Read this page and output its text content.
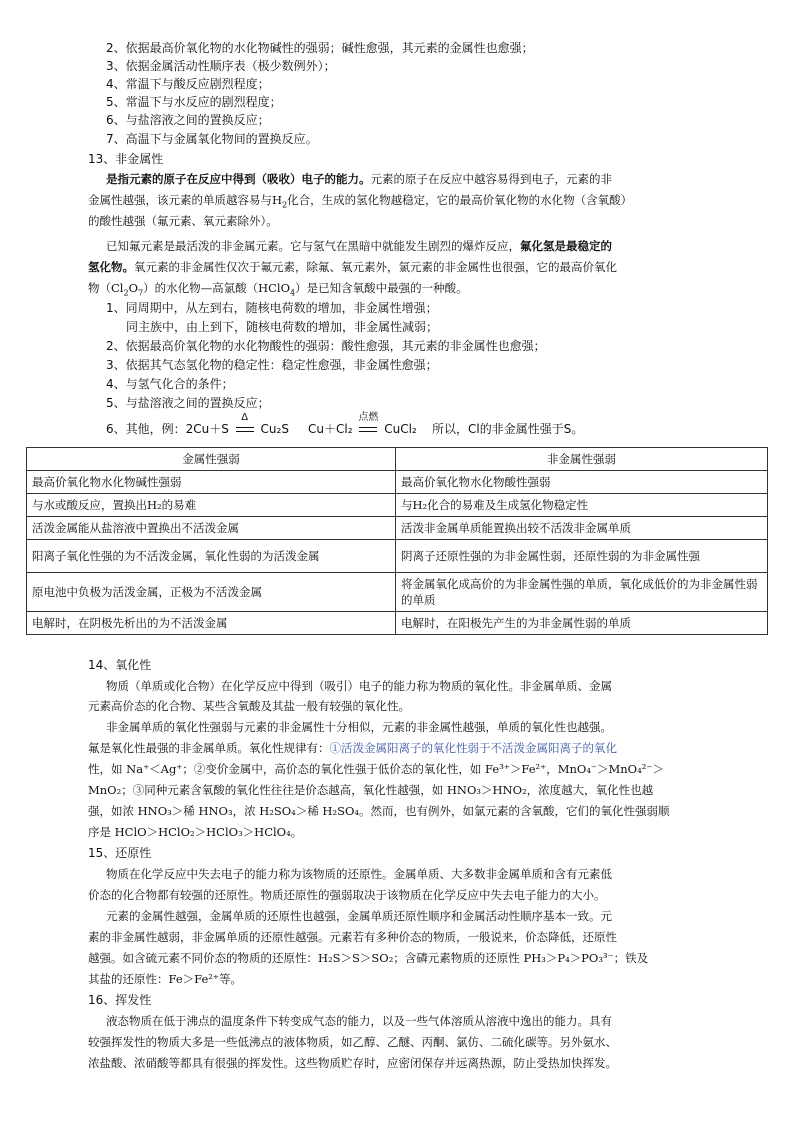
2、依据最高价氧化物的水化物碱性的强弱；碱性愈强，其元素的金属性也愈强；
3、依据金属活动性顺序表（极少数例外）；
4、常温下与酸反应剧烈程度；
5、常温下与水反应的剧烈程度；
6、与盐溶液之间的置换反应；
7、高温下与金属氧化物间的置换反应。
13、非金属性
是指元素的原子在反应中得到（吸收）电子的能力。元素的原子在反应中越容易得到电子，元素的非
金属性越强，该元素的单质越容易与$H_2$化合，生成的氢化物越稳定，它的最高价氧化物的水化物（含氧酸）
的酸性越强（氟元素、氧元素除外）。
已知氟元素是最活泼的非金属元素。它与氢气在黑暗中就能发生剧烈的爆炸反应，氟化氢是最稳定的
氢化物。氧元素的非金属性仅次于氟元素，除氟、氧元素外，氯元素的非金属性也很强，它的最高价氧化
物$(Cl_2O_7)$的水化物—高氯酸（HClO$_4$）是已知含氧酸中最强的一种酸。
1、同周期中，从左到右，随核电荷数的增加，非金属性增强；
同主族中，由上到下，随核电荷数的增加，非金属性减弱；
2、依据最高价氧化物的水化物酸性的强弱：酸性愈强，其元素的非金属性也愈强；
3、依据其气态氢化物的稳定性：稳定性愈强，非金属性愈强；
4、与氢气化合的条件；
5、与盐溶液之间的置换反应；
6、其他，例：2Cu＋S
Δ
Cu₂S Cu＋Cl₂
点燃
CuCl₂ 所以，Cl的非金属性强于S。
金属性强弱	非金属性强弱
最高价氧化物水化物碱性强弱	最高价氧化物水化物酸性强弱
与水或酸反应，置换出H₂的易难	与H₂化合的易难及生成氢化物稳定性
活泼金属能从盐溶液中置换出不活泼金属	活泼非金属单质能置换出较不活泼非金属单质
阳离子氧化性强的为不活泼金属，氧化性弱的为活泼金属	阴离子还原性强的为非金属性弱，还原性弱的为非金属性强
原电池中负极为活泼金属，正极为不活泼金属	将金属氧化成高价的为非金属性强的单质，氧化成低价的为非金属性弱的单质
电解时，在阴极先析出的为不活泼金属	电解时，在阳极先产生的为非金属性弱的单质
14、氧化性
物质（单质或化合物）在化学反应中得到（吸引）电子的能力称为物质的氧化性。非金属单质、金属
元素高价态的化合物、某些含氧酸及其盐一般有较强的氧化性。
非金属单质的氧化性强弱与元素的非金属性十分相似，元素的非金属性越强，单质的氧化性也越强。
氟是氧化性最强的非金属单质。氧化性规律有：①活泼金属阳离子的氧化性弱于不活泼金属阳离子的氧化
性，如 Na⁺＜Ag⁺；②变价金属中，高价态的氧化性强于低价态的氧化性，如 Fe³⁺＞Fe²⁺，MnO₄⁻＞MnO₄²⁻＞
MnO₂；③同种元素含氧酸的氧化性往往是价态越高，氧化性越强，如 HNO₃＞HNO₂，浓度越大，氧化性也越
强，如浓 HNO₃＞稀 HNO₃，浓 H₂SO₄＞稀 H₂SO₄。然而，也有例外，如氯元素的含氧酸，它们的氧化性强弱顺
序是 HClO＞HClO₂＞HClO₃＞HClO₄。
15、还原性
物质在化学反应中失去电子的能力称为该物质的还原性。金属单质、大多数非金属单质和含有元素低
价态的化合物都有较强的还原性。物质还原性的强弱取决于该物质在化学反应中失去电子能力的大小。
元素的金属性越强，金属单质的还原性也越强，金属单质还原性顺序和金属活动性顺序基本一致。元
素的非金属性越弱，非金属单质的还原性越强。元素若有多种价态的物质，一般说来，价态降低，还原性
越强。如含硫元素不同价态的物质的还原性：H₂S＞S＞SO₂；含磷元素物质的还原性 PH₃＞P₄＞PO₃³⁻；铁及
其盐的还原性：Fe＞Fe²⁺等。
16、挥发性
液态物质在低于沸点的温度条件下转变成气态的能力，以及一些气体溶质从溶液中逸出的能力。具有
较强挥发性的物质大多是一些低沸点的液体物质，如乙醇、乙醚、丙酮、氯仿、二硫化碳等。另外氨水、
浓盐酸、浓硝酸等都具有很强的挥发性。这些物质贮存时，应密闭保存并远离热源，防止受热加快挥发。
